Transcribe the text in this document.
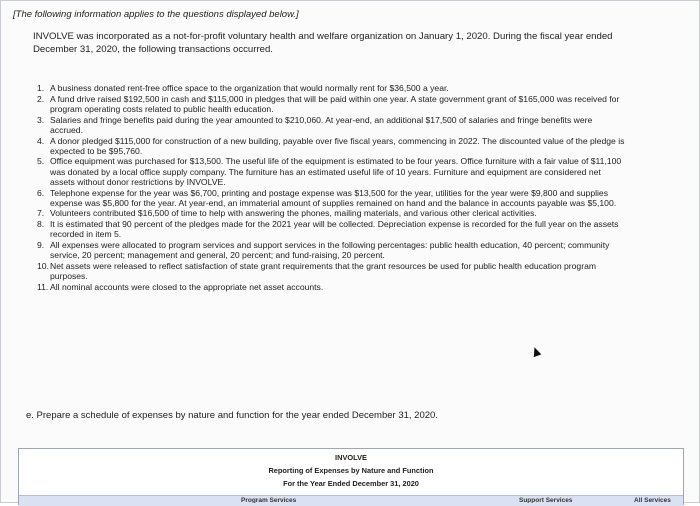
[The following information applies to the questions displayed below.]
INVOLVE was incorporated as a not-for-profit voluntary health and welfare organization on January 1, 2020. During the fiscal year ended December 31, 2020, the following transactions occurred.
1. A business donated rent-free office space to the organization that would normally rent for $36,500 a year.
2. A fund drive raised $192,500 in cash and $115,000 in pledges that will be paid within one year. A state government grant of $165,000 was received for program operating costs related to public health education.
3. Salaries and fringe benefits paid during the year amounted to $210,060. At year-end, an additional $17,500 of salaries and fringe benefits were accrued.
4. A donor pledged $115,000 for construction of a new building, payable over five fiscal years, commencing in 2022. The discounted value of the pledge is expected to be $95,760.
5. Office equipment was purchased for $13,500. The useful life of the equipment is estimated to be four years. Office furniture with a fair value of $11,100 was donated by a local office supply company. The furniture has an estimated useful life of 10 years. Furniture and equipment are considered net assets without donor restrictions by INVOLVE.
6. Telephone expense for the year was $6,700, printing and postage expense was $13,500 for the year, utilities for the year were $9,800 and supplies expense was $5,800 for the year. At year-end, an immaterial amount of supplies remained on hand and the balance in accounts payable was $5,100.
7. Volunteers contributed $16,500 of time to help with answering the phones, mailing materials, and various other clerical activities.
8. It is estimated that 90 percent of the pledges made for the 2021 year will be collected. Depreciation expense is recorded for the full year on the assets recorded in item 5.
9. All expenses were allocated to program services and support services in the following percentages: public health education, 40 percent; community service, 20 percent; management and general, 20 percent; and fund-raising, 20 percent.
10. Net assets were released to reflect satisfaction of state grant requirements that the grant resources be used for public health education program purposes.
11. All nominal accounts were closed to the appropriate net asset accounts.
e. Prepare a schedule of expenses by nature and function for the year ended December 31, 2020.
INVOLVE
Reporting of Expenses by Nature and Function
For the Year Ended December 31, 2020
Program Services	Support Services	All Services
